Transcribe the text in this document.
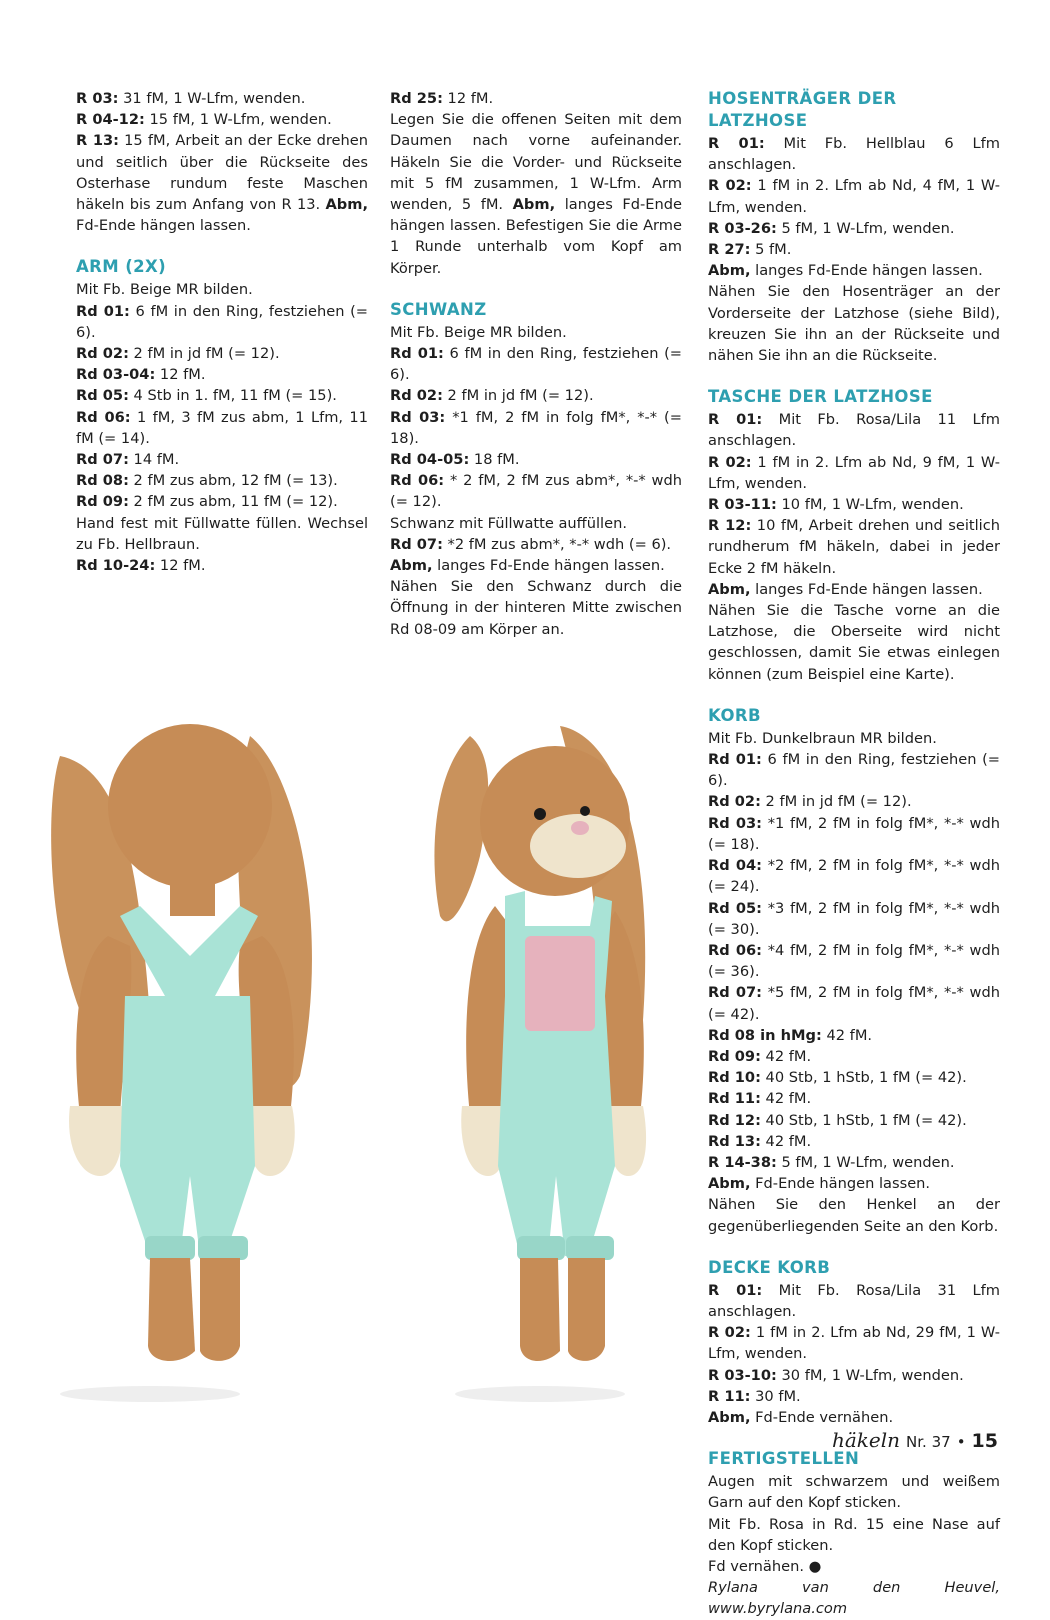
R 03: 31 fM, 1 W-Lfm, wenden.

R 04-12: 15 fM, 1 W-Lfm, wenden.

R 13: 15 fM, Arbeit an der Ecke drehen und seitlich über die Rückseite des Osterhase rundum feste Maschen häkeln bis zum Anfang von R 13. Abm, Fd-Ende hängen lassen.

ARM (2X)

Mit Fb. Beige MR bilden.

Rd 01: 6 fM in den Ring, festziehen (= 6).

Rd 02: 2 fM in jd fM (= 12).

Rd 03-04: 12 fM.

Rd 05: 4 Stb in 1. fM, 11 fM (= 15).

Rd 06: 1 fM, 3 fM zus abm, 1 Lfm, 11 fM (= 14).

Rd 07: 14 fM.

Rd 08: 2 fM zus abm, 12 fM (= 13).

Rd 09: 2 fM zus abm, 11 fM (= 12).

Hand fest mit Füllwatte füllen. Wechsel zu Fb. Hellbraun.

Rd 10-24: 12 fM.

Rd 25: 12 fM.

Legen Sie die offenen Seiten mit dem Daumen nach vorne aufeinander. Häkeln Sie die Vorder- und Rückseite mit 5 fM zusammen, 1 W-Lfm. Arm wenden, 5 fM. Abm, langes Fd-Ende hängen lassen. Befestigen Sie die Arme 1 Runde unterhalb vom Kopf am Körper.

SCHWANZ

Mit Fb. Beige MR bilden.

Rd 01: 6 fM in den Ring, festziehen (= 6).

Rd 02: 2 fM in jd fM (= 12).

Rd 03: *1 fM, 2 fM in folg fM*, *-* (= 18).

Rd 04-05: 18 fM.

Rd 06: * 2 fM, 2 fM zus abm*, *-* wdh (= 12).

Schwanz mit Füllwatte auffüllen.

Rd 07: *2 fM zus abm*, *-* wdh (= 6).

Abm, langes Fd-Ende hängen lassen.

Nähen Sie den Schwanz durch die Öffnung in der hinteren Mitte zwischen Rd 08-09 am Körper an.

HOSENTRÄGER DER LATZHOSE

R 01: Mit Fb. Hellblau 6 Lfm anschlagen.

R 02: 1 fM in 2. Lfm ab Nd, 4 fM, 1 W-Lfm, wenden.

R 03-26: 5 fM, 1 W-Lfm, wenden.

R 27: 5 fM.

Abm, langes Fd-Ende hängen lassen.

Nähen Sie den Hosenträger an der Vorderseite der Latzhose (siehe Bild), kreuzen Sie ihn an der Rückseite und nähen Sie ihn an die Rückseite.

TASCHE DER LATZHOSE

R 01: Mit Fb. Rosa/Lila 11 Lfm anschlagen.

R 02: 1 fM in 2. Lfm ab Nd, 9 fM, 1 W-Lfm, wenden.

R 03-11: 10 fM, 1 W-Lfm, wenden.

R 12: 10 fM, Arbeit drehen und seitlich rundherum fM häkeln, dabei in jeder Ecke 2 fM häkeln.

Abm, langes Fd-Ende hängen lassen.

Nähen Sie die Tasche vorne an die Latzhose, die Oberseite wird nicht geschlossen, damit Sie etwas einlegen können (zum Beispiel eine Karte).

KORB

Mit Fb. Dunkelbraun MR bilden.

Rd 01: 6 fM in den Ring, festziehen (= 6).

Rd 02: 2 fM in jd fM (= 12).

Rd 03: *1 fM, 2 fM in folg fM*, *-* wdh (= 18).

Rd 04: *2 fM, 2 fM in folg fM*, *-* wdh (= 24).

Rd 05: *3 fM, 2 fM in folg fM*, *-* wdh (= 30).

Rd 06: *4 fM, 2 fM in folg fM*, *-* wdh (= 36).

Rd 07: *5 fM, 2 fM in folg fM*, *-* wdh (= 42).

Rd 08 in hMg: 42 fM.

Rd 09: 42 fM.

Rd 10: 40 Stb, 1 hStb, 1 fM (= 42).

Rd 11: 42 fM.

Rd 12: 40 Stb, 1 hStb, 1 fM (= 42).

Rd 13: 42 fM.

R 14-38: 5 fM, 1 W-Lfm, wenden.

Abm, Fd-Ende hängen lassen.

Nähen Sie den Henkel an der gegenüberliegenden Seite an den Korb.

DECKE KORB

R 01: Mit Fb. Rosa/Lila 31 Lfm anschlagen.

R 02: 1 fM in 2. Lfm ab Nd, 29 fM, 1 W-Lfm, wenden.

R 03-10: 30 fM, 1 W-Lfm, wenden.

R 11: 30 fM.

Abm, Fd-Ende vernähen.

FERTIGSTELLEN

Augen mit schwarzem und weißem Garn auf den Kopf sticken.

Mit Fb. Rosa in Rd. 15 eine Nase auf den Kopf sticken.

Fd vernähen. ●

Rylana van den Heuvel, www.byrylana.com

häkeln Nr. 37 • 15
